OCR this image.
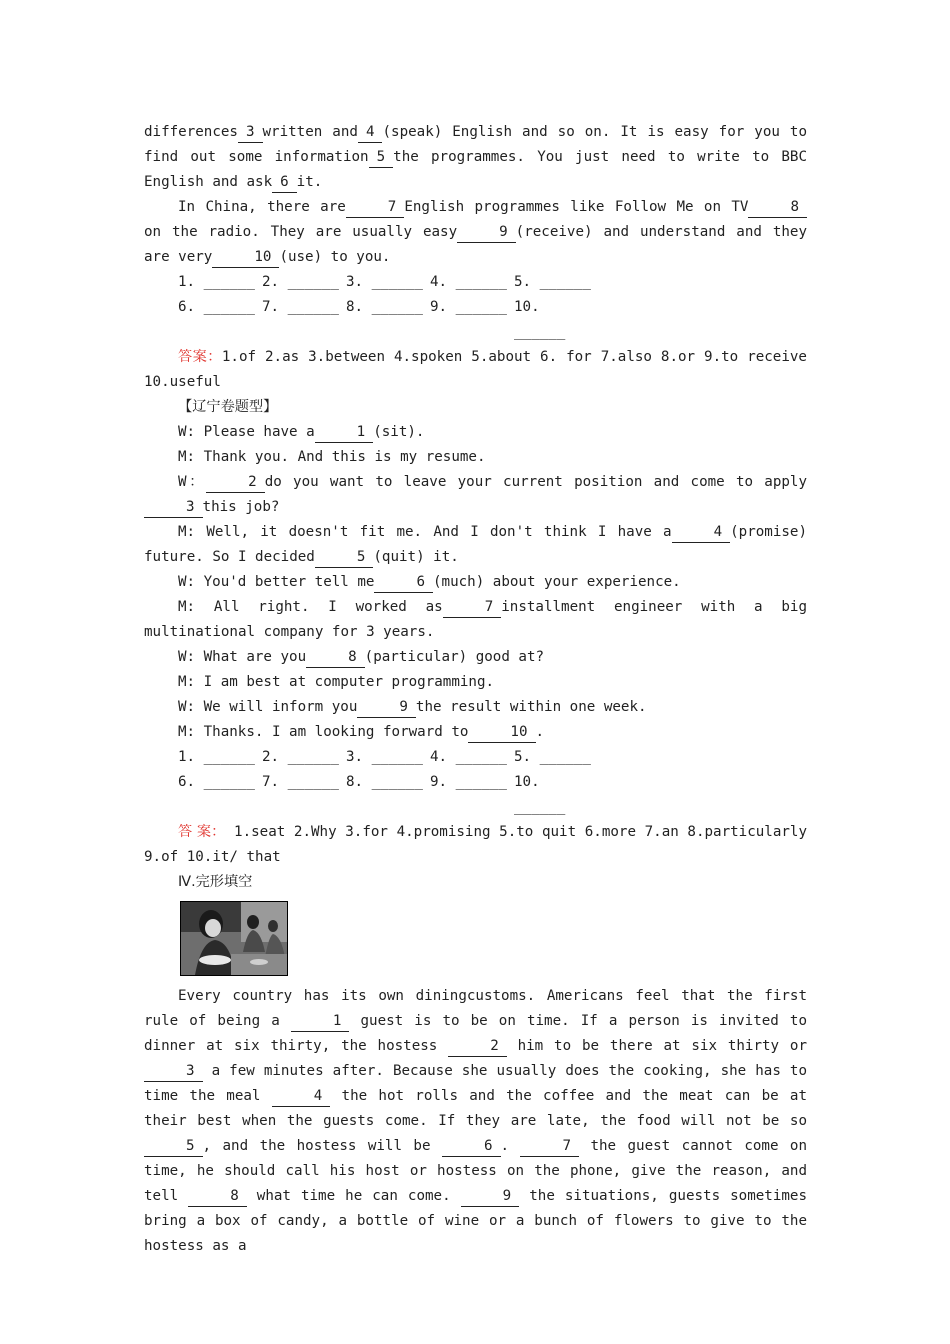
differences 3 written and 4 (speak) English and so on. It is easy for you to find out some information 5 the programmes. You just need to write to BBC English and ask 6 it.

In China, there are	7 English programmes like Follow Me on TV	8on the radio. They are usually easy	9 (receive) and understand and they are very	10 (use) to you.

1. ______ 2. ______ 3. ______ 4. ______ 5. ______
6. ______ 7. ______ 8. ______ 9. ______ 10. ______

答案：1.of 2.as 3.between 4.spoken 5.about 6. for 7.also 8.or 9.to receive 10.useful

【辽宁卷题型】

W: Please have a	1 (sit).

M: Thank you. And this is my resume.

W：	2 do you want to leave your current position and come to apply3 this job?

M: Well, it doesn't fit me. And I don't think I have a	4 (promise) future. So I decided	5 (quit) it.

W: You'd better tell me	6 (much) about your experience.

M: All right. I worked as	7 installment engineer with a big multinational company for 3 years.

W: What are you	8 (particular) good at?

M: I am best at computer programming.

W: We will inform you	9 the result within one week.

M: Thanks. I am looking forward to	10 .

1. ______ 2. ______ 3. ______ 4. ______ 5. ______
6. ______ 7. ______ 8. ______ 9. ______ 10. ______

答 案： 1.seat 2.Why 3.for 4.promising 5.to quit 6.more 7.an 8.particularly 9.of 10.it/ that

Ⅳ.完形填空

Every country has its own diningcustoms. Americans feel that the first rule of being a	1 guest is to be on time. If a person is invited to dinner at six thirty, the hostess	2 him to be there at six thirty or 3 a few minutes after. Because she usually does the cooking, she has to time the meal	4 the hot rolls and the coffee and the meat can be at their best when the guests come. If they are late, the food will not be so 5 , and the hostess will be	6 .	7 the guest cannot come on time, he should call his host or hostess on the phone, give the reason, and tell	8 what time he can come.	9 the situations, guests sometimes bring a box of candy, a bottle of wine or a bunch of flowers to give to the hostess as a
